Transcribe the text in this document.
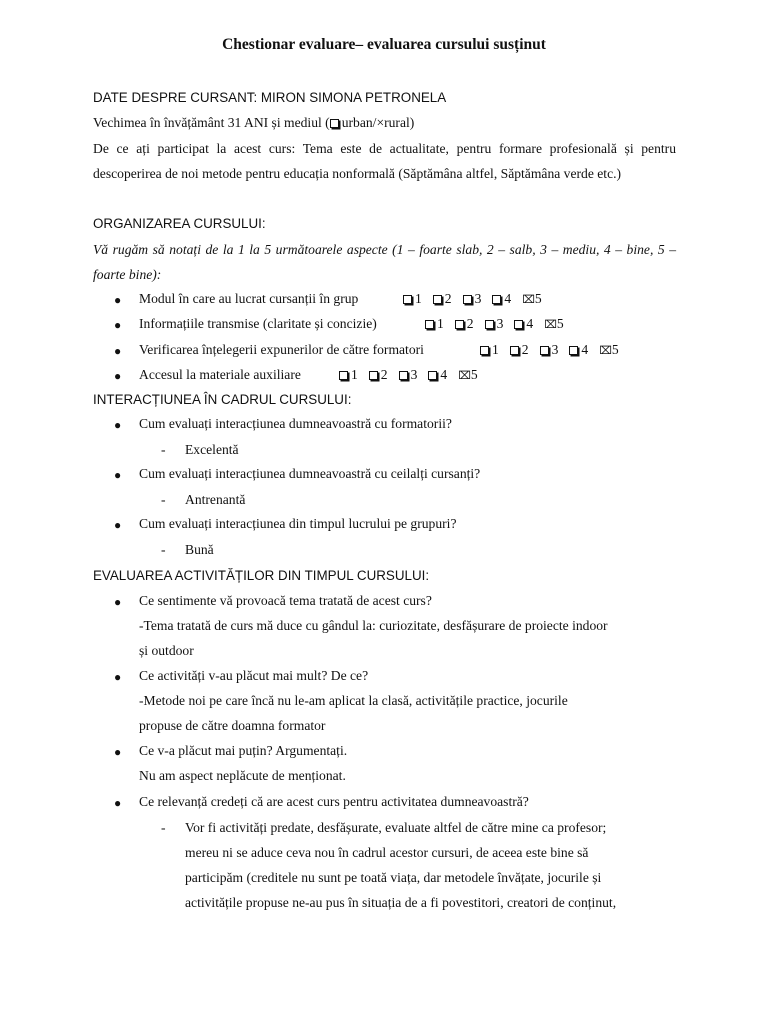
Chestionar evaluare– evaluarea cursului susținut
DATE DESPRE CURSANT: MIRON SIMONA PETRONELA
Vechimea în învățământ 31 ANI și mediul ( urban/×rural)
De ce ați participat la acest curs: Tema este de actualitate, pentru formare profesională și pentru descoperirea de noi metode pentru educația nonformală (Săptămâna altfel, Săptămâna verde etc.)
ORGANIZAREA CURSULUI:
Vă rugăm să notați de la 1 la 5 următoarele aspecte (1 – foarte slab, 2 – salb, 3 – mediu, 4 – bine, 5 – foarte bine):
● Modul în care au lucrat cursanții în grup	1 2 3 4 ⌧5
● Informațiile transmise (claritate și concizie)	1 2 3 4 ⌧5
● Verificarea înțelegerii expunerilor de către formatori	1 2 3 4 ⌧5
● Accesul la materiale auxiliare	1 2 3 4 ⌧5
INTERACȚIUNEA ÎN CADRUL CURSULUI:
● Cum evaluați interacțiunea dumneavoastră cu formatorii?
- Excelentă
● Cum evaluați interacțiunea dumneavoastră cu ceilalți cursanți?
- Antrenantă
● Cum evaluați interacțiunea din timpul lucrului pe grupuri?
- Bună
EVALUAREA ACTIVITĂȚILOR DIN TIMPUL CURSULUI:
● Ce sentimente vă provoacă tema tratată de acest curs?
-Tema tratată de curs mă duce cu gândul la: curiozitate, desfășurare de proiecte indoor
și outdoor
● Ce activități v-au plăcut mai mult? De ce?
-Metode noi pe care încă nu le-am aplicat la clasă, activitățile practice, jocurile
propuse de către doamna formator
● Ce v-a plăcut mai puțin? Argumentați.
Nu am aspect neplăcute de menționat.
● Ce relevanță credeți că are acest curs pentru activitatea dumneavoastră?
- Vor fi activități predate, desfășurate, evaluate altfel de către mine ca profesor;
mereu ni se aduce ceva nou în cadrul acestor cursuri, de aceea este bine să
participăm (creditele nu sunt pe toată viața, dar metodele învățate, jocurile și
activitățile propuse ne-au pus în situația de a fi povestitori, creatori de conținut,
